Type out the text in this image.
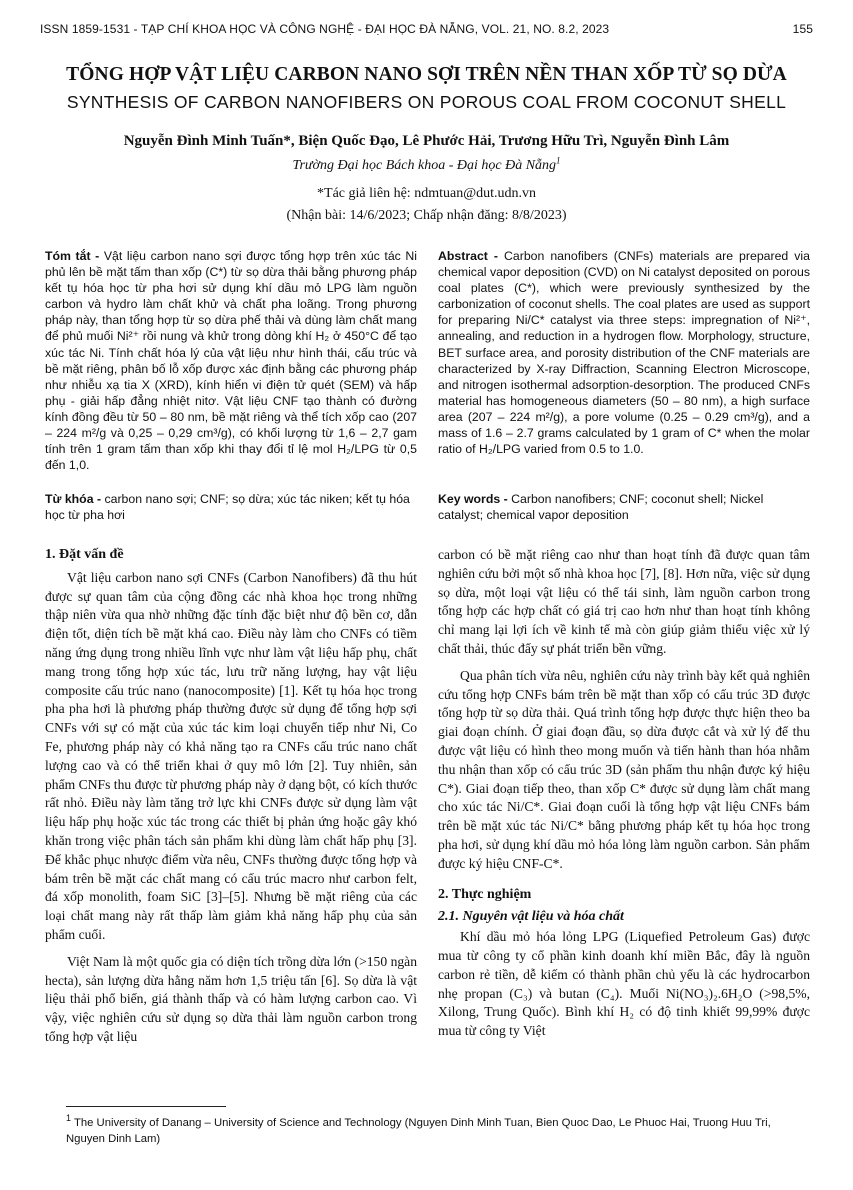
ISSN 1859-1531 - TẠP CHÍ KHOA HỌC VÀ CÔNG NGHỆ - ĐẠI HỌC ĐÀ NẴNG, VOL. 21, NO. 8.2, 2023	155
TỔNG HỢP VẬT LIỆU CARBON NANO SỢI TRÊN NỀN THAN XỐP TỪ SỌ DỪA
SYNTHESIS OF CARBON NANOFIBERS ON POROUS COAL FROM COCONUT SHELL
Nguyễn Đình Minh Tuấn*, Biện Quốc Đạo, Lê Phước Hải, Trương Hữu Trì, Nguyễn Đình Lâm
Trường Đại học Bách khoa - Đại học Đà Nẵng$^1$
*Tác giả liên hệ: ndmtuan@dut.udn.vn
(Nhận bài: 14/6/2023; Chấp nhận đăng: 8/8/2023)
Tóm tắt - Vật liệu carbon nano sợi được tổng hợp trên xúc tác Ni phủ lên bề mặt tấm than xốp (C*) từ sọ dừa thải bằng phương pháp kết tụ hóa học từ pha hơi sử dụng khí dầu mỏ LPG làm nguồn carbon và hydro làm chất khử và chất pha loãng. Trong phương pháp này, than tổng hợp từ sọ dừa phế thải và dùng làm chất mang để phủ muối Ni²⁺ rồi nung và khử trong dòng khí H₂ ở 450°C để tạo xúc tác Ni. Tính chất hóa lý của vật liệu như hình thái, cấu trúc và bề mặt riêng, phân bố lỗ xốp được xác định bằng các phương pháp như nhiễu xạ tia X (XRD), kính hiển vi điện tử quét (SEM) và hấp phụ - giải hấp đẳng nhiệt nitơ. Vật liệu CNF tạo thành có đường kính đồng đều từ 50 – 80 nm, bề mặt riêng và thể tích xốp cao (207 – 224 m²/g và 0,25 – 0,29 cm³/g), có khối lượng từ 1,6 – 2,7 gam tính trên 1 gram tấm than xốp khi thay đổi tỉ lệ mol H₂/LPG từ 0,5 đến 1,0.
Abstract - Carbon nanofibers (CNFs) materials are prepared via chemical vapor deposition (CVD) on Ni catalyst deposited on porous coal plates (C*), which were previously synthesized by the carbonization of coconut shells. The coal plates are used as support for preparing Ni/C* catalyst via three steps: impregnation of Ni²⁺, annealing, and reduction in a hydrogen flow. Morphology, structure, BET surface area, and porosity distribution of the CNF materials are characterized by X-ray Diffraction, Scanning Electron Microscope, and nitrogen isothermal adsorption-desorption. The produced CNFs material has homogeneous diameters (50 – 80 nm), a high surface area (207 – 224 m²/g), a pore volume (0.25 – 0.29 cm³/g), and a mass of 1.6 – 2.7 grams calculated by 1 gram of C* when the molar ratio of H₂/LPG varied from 0.5 to 1.0.
Từ khóa - carbon nano sợi; CNF; sọ dừa; xúc tác niken; kết tụ hóa học từ pha hơi
Key words - Carbon nanofibers; CNF; coconut shell; Nickel catalyst; chemical vapor deposition
1. Đặt vấn đề

Vật liệu carbon nano sợi CNFs (Carbon Nanofibers) đã thu hút được sự quan tâm của cộng đồng các nhà khoa học trong những thập niên vừa qua nhờ những đặc tính đặc biệt như độ bền cơ, dẫn điện tốt, diện tích bề mặt khá cao. Điều này làm cho CNFs có tiềm năng ứng dụng trong nhiều lĩnh vực như làm vật liệu hấp phụ, chất mang trong tổng hợp xúc tác, lưu trữ năng lượng, hay vật liệu composite cấu trúc nano (nanocomposite) [1]. Kết tụ hóa học trong pha pha hơi là phương pháp thường được sử dụng để tổng hợp sợi CNFs với sự có mặt của xúc tác kim loại chuyển tiếp như Ni, Co Fe, phương pháp này có khả năng tạo ra CNFs cấu trúc nano chất lượng cao và có thể triển khai ở quy mô lớn [2]. Tuy nhiên, sản phẩm CNFs thu được từ phương pháp này ở dạng bột, có kích thước rất nhỏ. Điều này làm tăng trở lực khi CNFs được sử dụng làm vật liệu hấp phụ hoặc xúc tác trong các thiết bị phản ứng hoặc gây khó khăn trong việc phân tách sản phẩm khi dùng làm chất hấp phụ [3]. Để khắc phục nhược điểm vừa nêu, CNFs thường được tổng hợp và bám trên bề mặt các chất mang có cấu trúc macro như carbon felt, đá xốp monolith, foam SiC [3]–[5]. Nhưng bề mặt riêng của các loại chất mang này rất thấp làm giảm khả năng hấp phụ của sản phẩm cuối.

Việt Nam là một quốc gia có diện tích trồng dừa lớn (>150 ngàn hecta), sản lượng dừa hằng năm hơn 1,5 triệu tấn [6]. Sọ dừa là vật liệu thải phổ biến, giá thành thấp và có hàm lượng carbon cao. Vì vậy, việc nghiên cứu sử dụng sọ dừa thải làm nguồn carbon trong tổng hợp vật liệu

carbon có bề mặt riêng cao như than hoạt tính đã được quan tâm nghiên cứu bởi một số nhà khoa học [7], [8]. Hơn nữa, việc sử dụng sọ dừa, một loại vật liệu có thể tái sinh, làm nguồn carbon trong tổng hợp các hợp chất có giá trị cao hơn như than hoạt tính không chỉ mang lại lợi ích về kinh tế mà còn giúp giảm thiểu việc xử lý chất thải, thúc đẩy sự phát triển bền vững.

Qua phân tích vừa nêu, nghiên cứu này trình bày kết quả nghiên cứu tổng hợp CNFs bám trên bề mặt than xốp có cấu trúc 3D được tổng hợp từ sọ dừa thải. Quá trình tổng hợp được thực hiện theo ba giai đoạn chính. Ở giai đoạn đầu, sọ dừa được cắt và xử lý để thu được vật liệu có hình theo mong muốn và tiến hành than hóa nhằm thu nhận than xốp có cấu trúc 3D (sản phẩm thu nhận được ký hiệu C*). Giai đoạn tiếp theo, than xốp C* được sử dụng làm chất mang cho xúc tác Ni/C*. Giai đoạn cuối là tổng hợp vật liệu CNFs bám trên bề mặt xúc tác Ni/C* bằng phương pháp kết tụ hóa học trong pha hơi, sử dụng khí dầu mỏ hóa lỏng làm nguồn carbon. Sản phẩm được ký hiệu CNF-C*.

2. Thực nghiệm
2.1. Nguyên vật liệu và hóa chất

Khí dầu mỏ hóa lỏng LPG (Liquefied Petroleum Gas) được mua từ công ty cổ phần kinh doanh khí miền Bắc, đây là nguồn carbon rẻ tiền, dễ kiếm có thành phần chủ yếu là các hydrocarbon nhẹ propan (C₃) và butan (C₄). Muối Ni(NO₃)₂.6H₂O (>98,5%, Xilong, Trung Quốc). Bình khí H₂ có độ tinh khiết 99,99% được mua từ công ty Việt

$^1$ The University of Danang – University of Science and Technology (Nguyen Dinh Minh Tuan, Bien Quoc Dao, Le Phuoc Hai, Truong Huu Tri, Nguyen Dinh Lam)
